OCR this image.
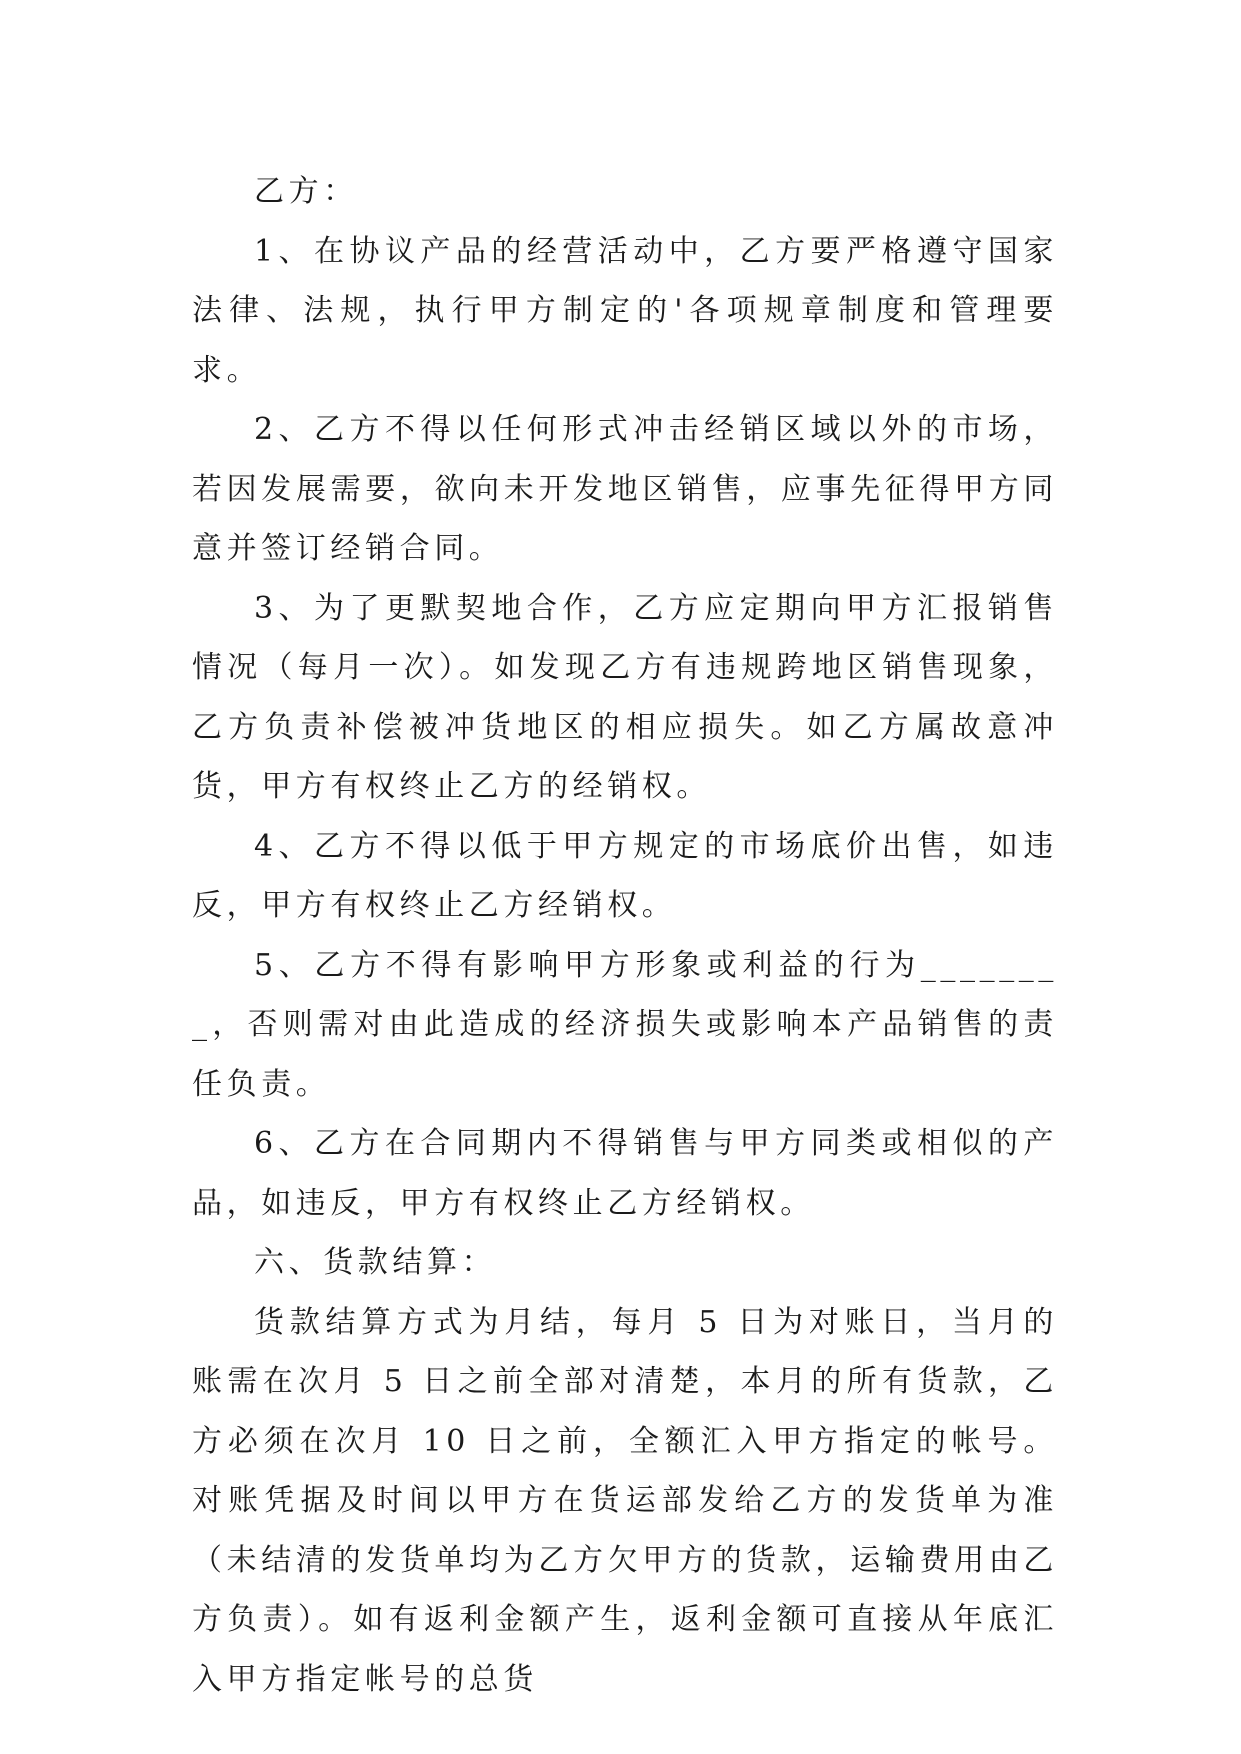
乙方：

1、在协议产品的经营活动中，乙方要严格遵守国家法律、法规，执行甲方制定的'各项规章制度和管理要求。

2、乙方不得以任何形式冲击经销区域以外的市场，若因发展需要，欲向未开发地区销售，应事先征得甲方同意并签订经销合同。

3、为了更默契地合作，乙方应定期向甲方汇报销售情况（每月一次）。如发现乙方有违规跨地区销售现象，乙方负责补偿被冲货地区的相应损失。如乙方属故意冲货，甲方有权终止乙方的经销权。

4、乙方不得以低于甲方规定的市场底价出售，如违反，甲方有权终止乙方经销权。

5、乙方不得有影响甲方形象或利益的行为________，否则需对由此造成的经济损失或影响本产品销售的责任负责。

6、乙方在合同期内不得销售与甲方同类或相似的产品，如违反，甲方有权终止乙方经销权。

六、货款结算：

货款结算方式为月结，每月 5 日为对账日，当月的账需在次月 5 日之前全部对清楚，本月的所有货款，乙方必须在次月 10 日之前，全额汇入甲方指定的帐号。对账凭据及时间以甲方在货运部发给乙方的发货单为准（未结清的发货单均为乙方欠甲方的货款，运输费用由乙方负责）。如有返利金额产生，返利金额可直接从年底汇入甲方指定帐号的总货
